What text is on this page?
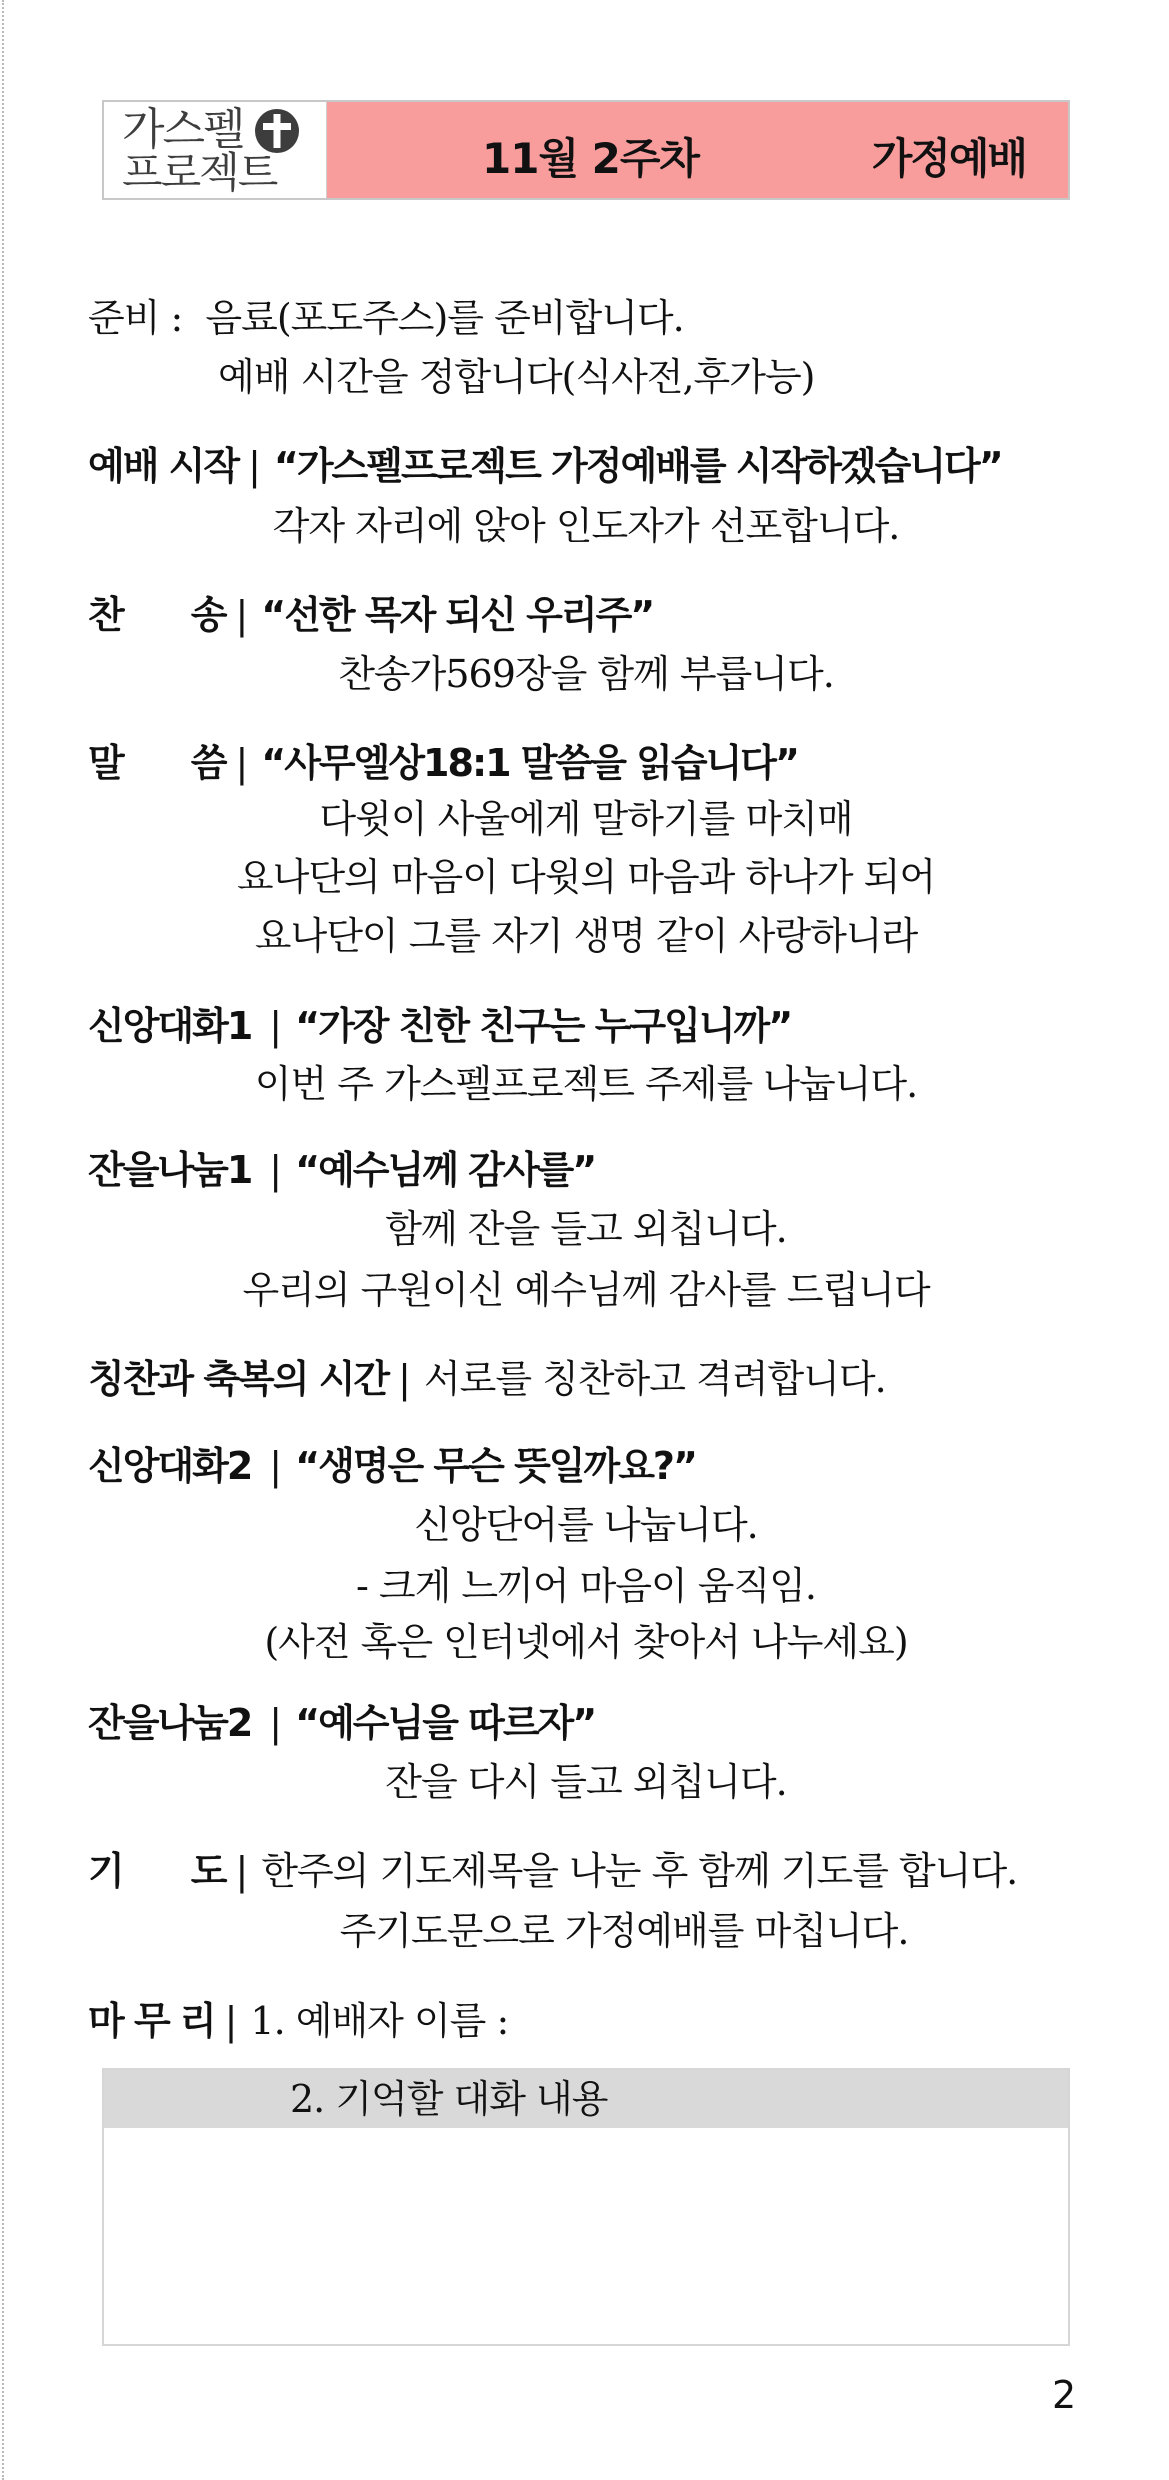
가스펠
프로젝트	11월 2주차	가정예배
준비 : 음료(포도주스)를 준비합니다.
예배 시간을 정합니다(식사전,후가능)
예배 시작 | “가스펠프로젝트 가정예배를 시작하겠습니다”
각자 자리에 앉아 인도자가 선포합니다.
찬 송 | “선한 목자 되신 우리주”
찬송가569장을 함께 부릅니다.
말 씀 | “사무엘상18:1 말씀을 읽습니다”
다윗이 사울에게 말하기를 마치매
요나단의 마음이 다윗의 마음과 하나가 되어
요나단이 그를 자기 생명 같이 사랑하니라
신앙대화1 | “가장 친한 친구는 누구입니까”
이번 주 가스펠프로젝트 주제를 나눕니다.
잔을나눔1 | “예수님께 감사를”
함께 잔을 들고 외칩니다.
우리의 구원이신 예수님께 감사를 드립니다
칭찬과 축복의 시간 | 서로를 칭찬하고 격려합니다.
신앙대화2 | “생명은 무슨 뜻일까요?”
신앙단어를 나눕니다.
- 크게 느끼어 마음이 움직임.
(사전 혹은 인터넷에서 찾아서 나누세요)
잔을나눔2 | “예수님을 따르자”
잔을 다시 들고 외칩니다.
기 도 | 한주의 기도제목을 나눈 후 함께 기도를 합니다.
주기도문으로 가정예배를 마칩니다.
마 무 리 | 1. 예배자 이름 :
2. 기억할 대화 내용
2
